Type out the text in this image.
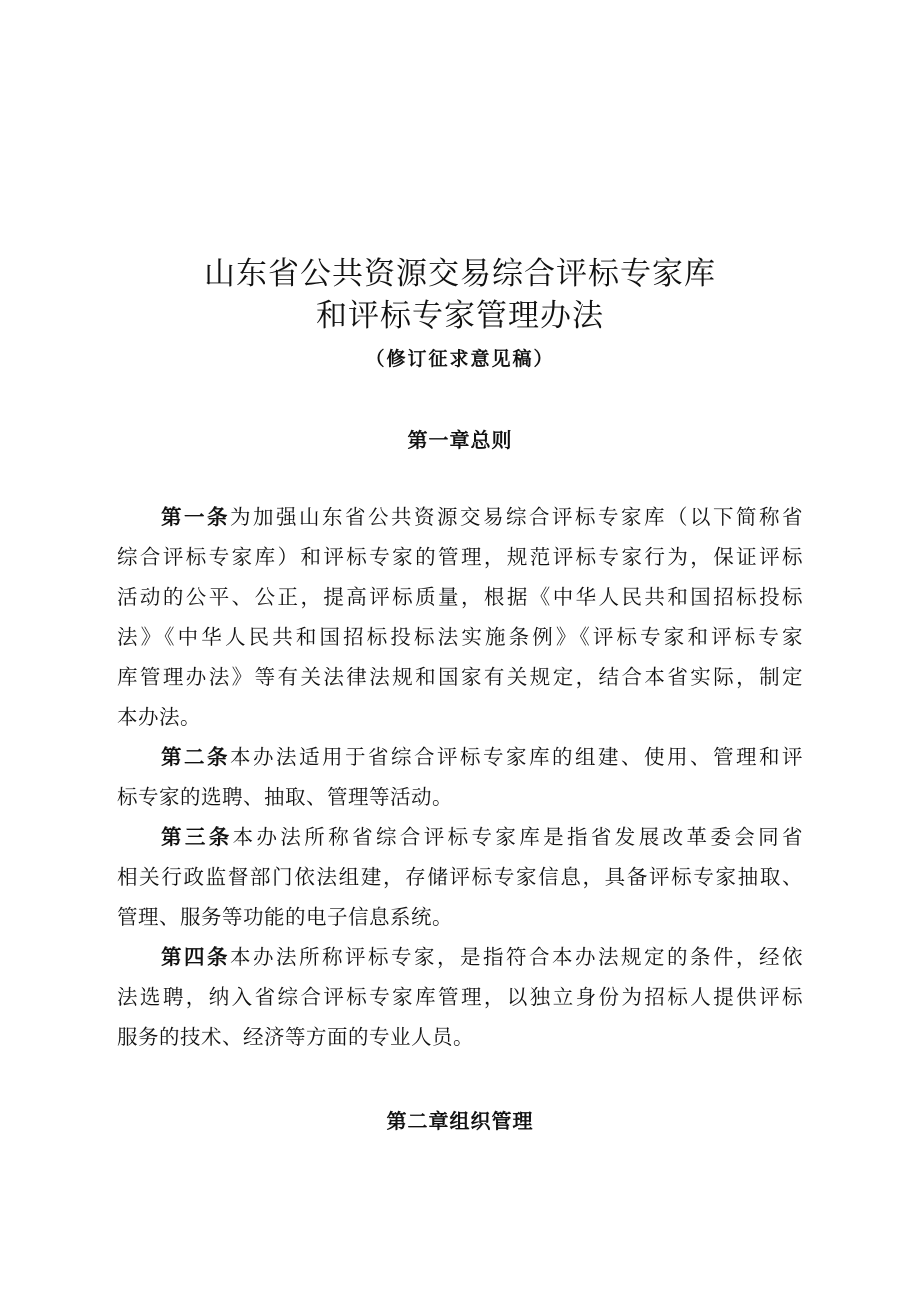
山东省公共资源交易综合评标专家库
和评标专家管理办法
（修订征求意见稿）
第一章总则
第一条为加强山东省公共资源交易综合评标专家库（以下简称省
综合评标专家库）和评标专家的管理，规范评标专家行为，保证评标
活动的公平、公正，提高评标质量，根据《中华人民共和国招标投标
法》《中华人民共和国招标投标法实施条例》《评标专家和评标专家
库管理办法》等有关法律法规和国家有关规定，结合本省实际，制定
本办法。
第二条本办法适用于省综合评标专家库的组建、使用、管理和评
标专家的选聘、抽取、管理等活动。
第三条本办法所称省综合评标专家库是指省发展改革委会同省
相关行政监督部门依法组建，存储评标专家信息，具备评标专家抽取、
管理、服务等功能的电子信息系统。
第四条本办法所称评标专家，是指符合本办法规定的条件，经依
法选聘，纳入省综合评标专家库管理，以独立身份为招标人提供评标
服务的技术、经济等方面的专业人员。
第二章组织管理
